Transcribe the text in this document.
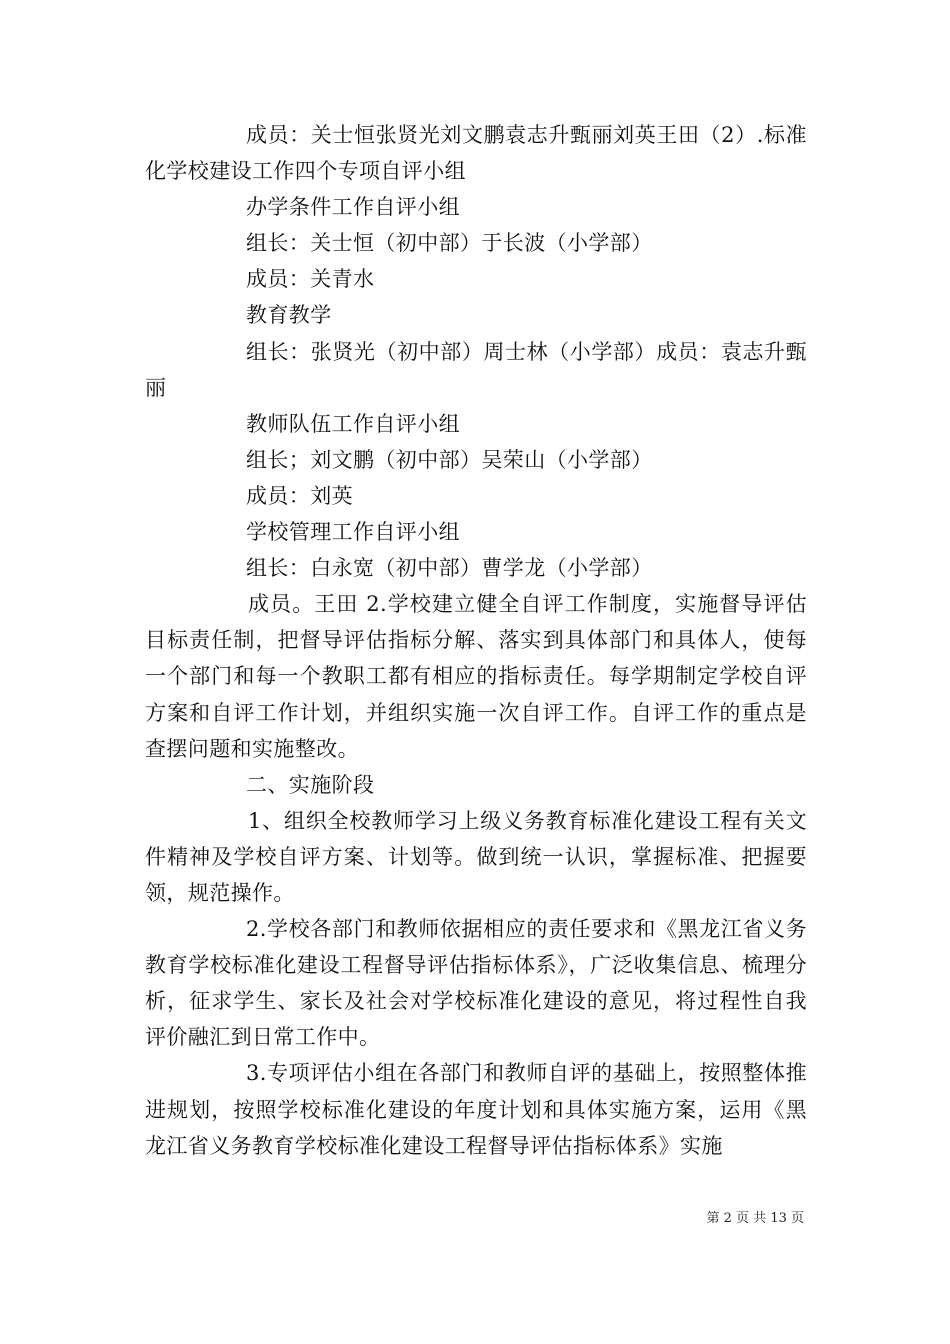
成员：关士恒张贤光刘文鹏袁志升甄丽刘英王田（2）.标准化学校建设工作四个专项自评小组

办学条件工作自评小组

组长：关士恒（初中部）于长波（小学部）

成员：关青水

教育教学

组长：张贤光（初中部）周士林（小学部）成员：袁志升甄丽

教师队伍工作自评小组

组长；刘文鹏（初中部）吴荣山（小学部）

成员：刘英

学校管理工作自评小组

组长：白永宽（初中部）曹学龙（小学部）

成员。王田 2.学校建立健全自评工作制度，实施督导评估目标责任制，把督导评估指标分解、落实到具体部门和具体人，使每一个部门和每一个教职工都有相应的指标责任。每学期制定学校自评方案和自评工作计划，并组织实施一次自评工作。自评工作的重点是查摆问题和实施整改。

二、实施阶段

1、组织全校教师学习上级义务教育标准化建设工程有关文件精神及学校自评方案、计划等。做到统一认识，掌握标准、把握要领，规范操作。

2.学校各部门和教师依据相应的责任要求和《黑龙江省义务教育学校标准化建设工程督导评估指标体系》，广泛收集信息、梳理分析，征求学生、家长及社会对学校标准化建设的意见，将过程性自我评价融汇到日常工作中。

3.专项评估小组在各部门和教师自评的基础上，按照整体推进规划，按照学校标准化建设的年度计划和具体实施方案，运用《黑龙江省义务教育学校标准化建设工程督导评估指标体系》实施

第 2 页 共 13 页
